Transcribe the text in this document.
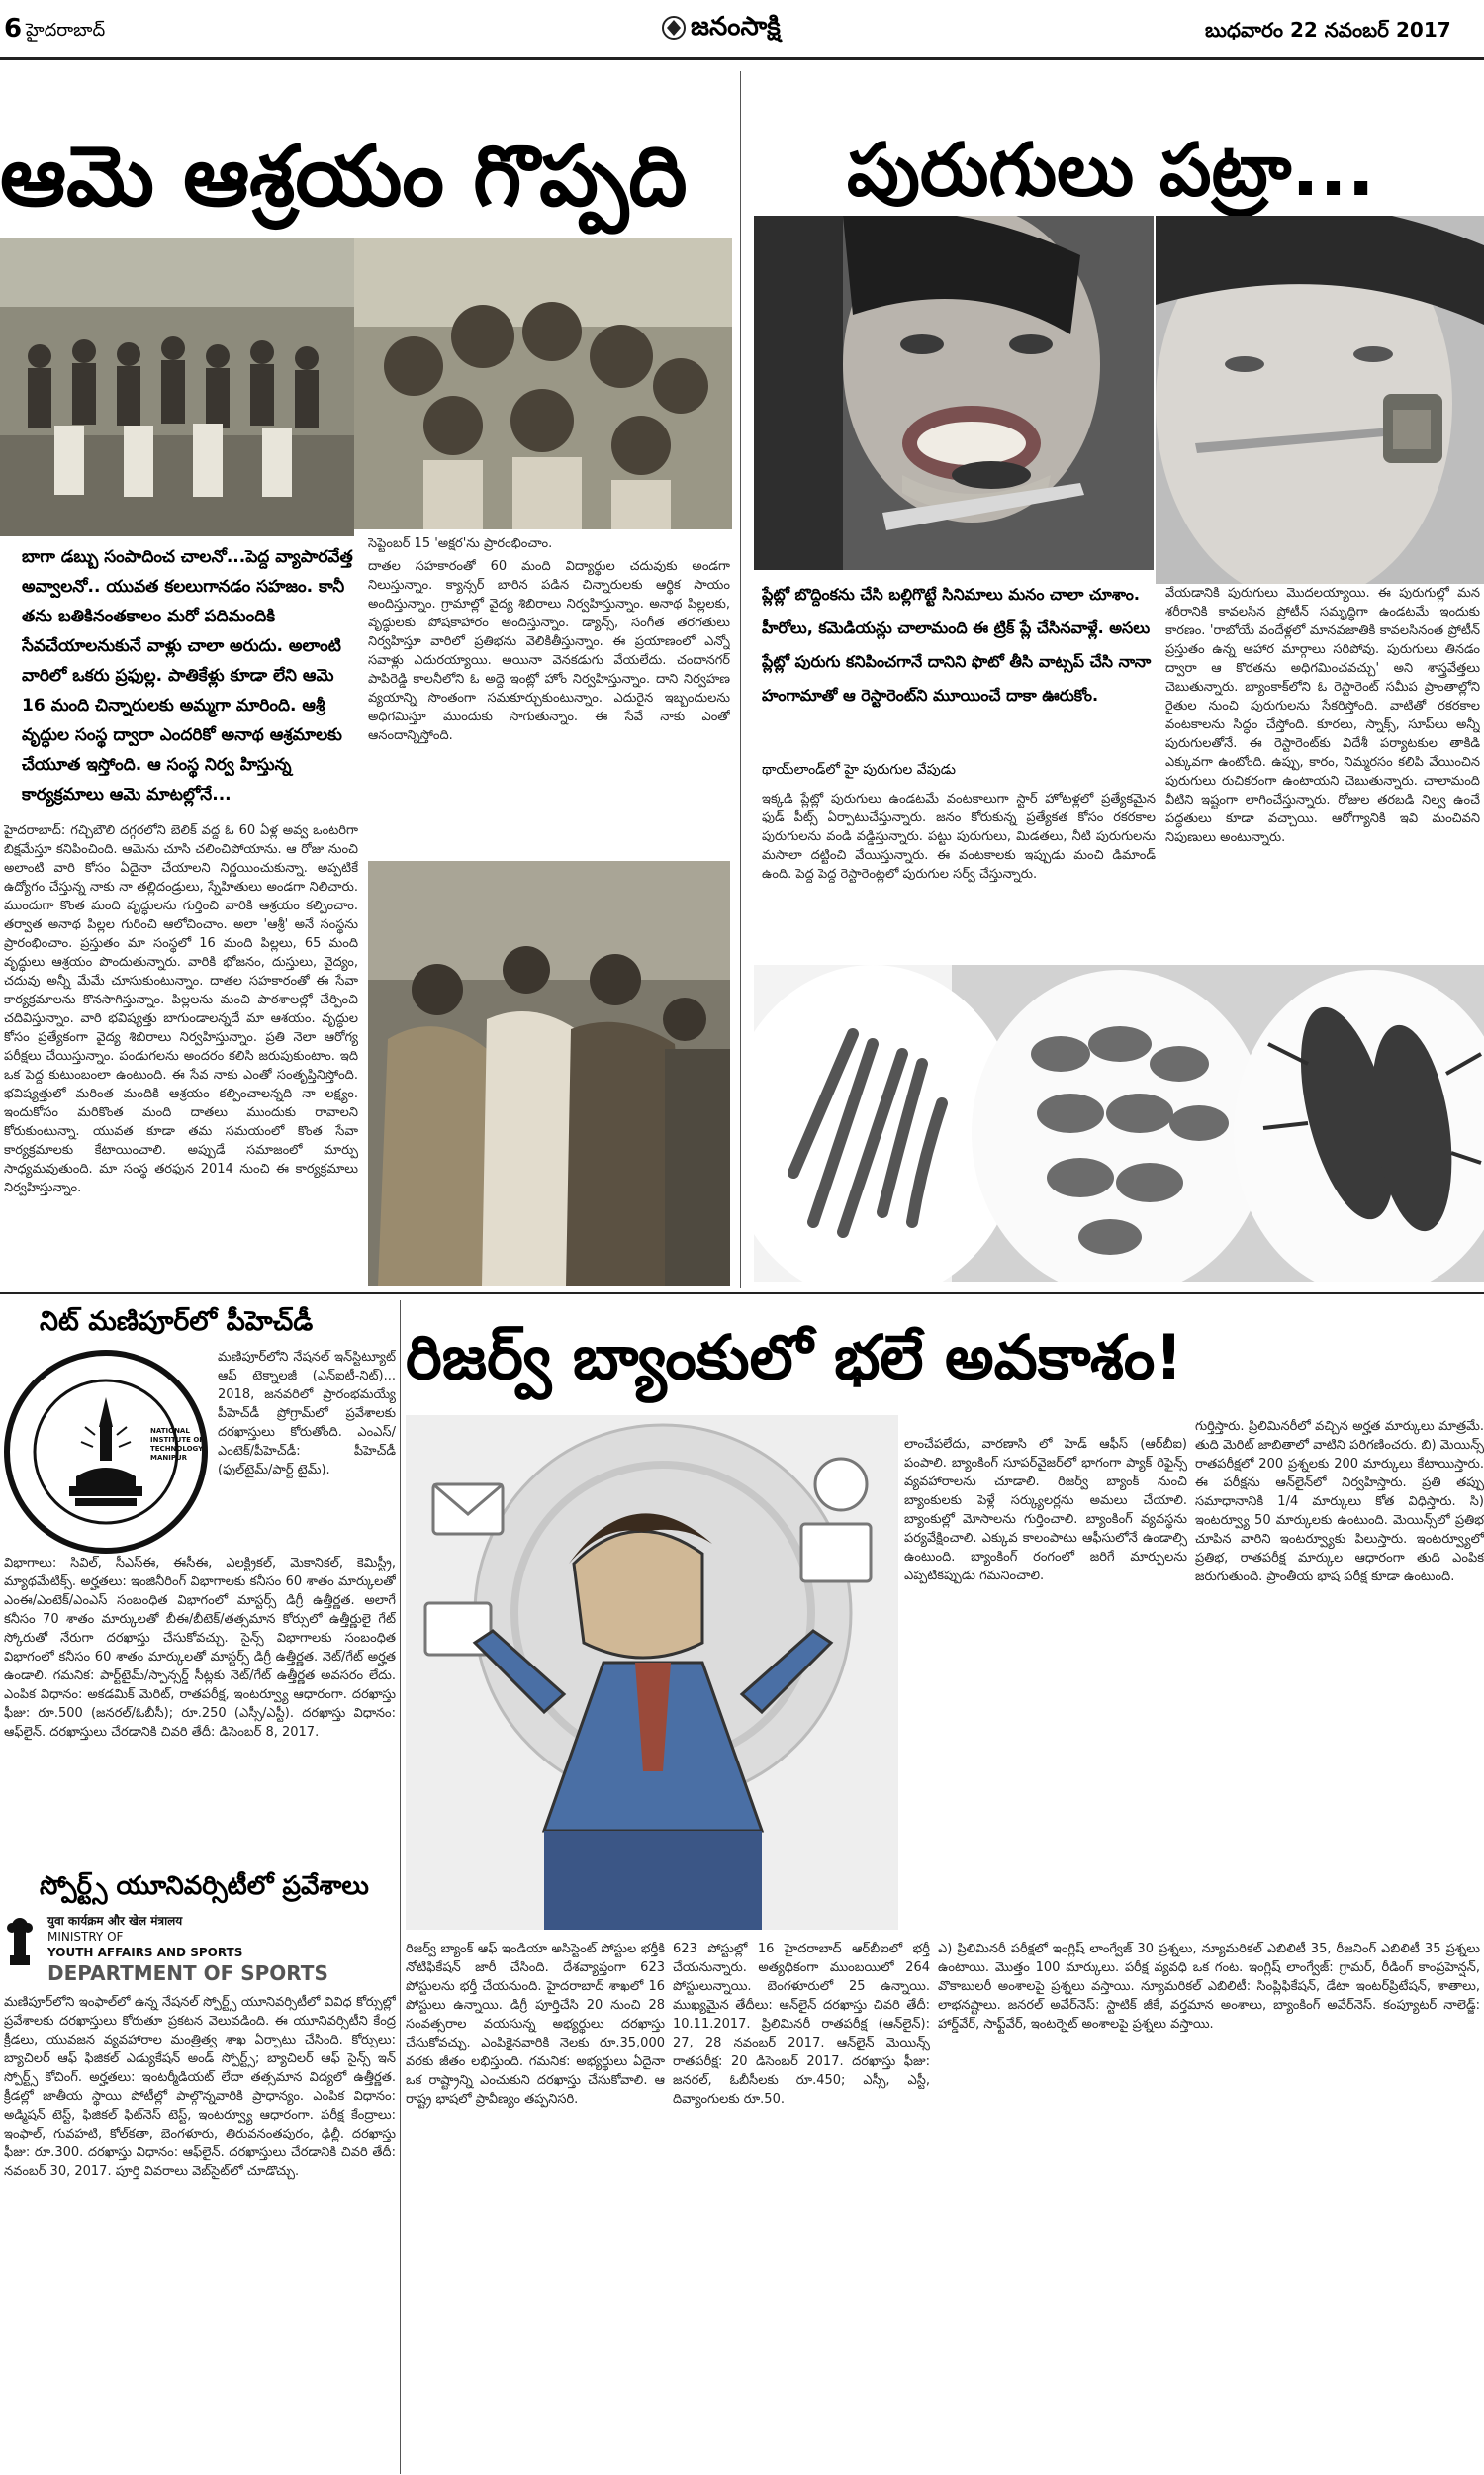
6 హైదరాబాద్	జనంసాక్షి	బుధవారం 22 నవంబర్ 2017
ఆమె ఆశ్రయం గొప్పది
బాగా డబ్బు సంపాదించ చాలనో...పెద్ద వ్యాపారవేత్త అవ్వాలనో.. యువత కలలుగానడం సహజం. కానీ తను బతికినంతకాలం మరో పదిమందికి సేవచేయాలనుకునే వాళ్లు చాలా అరుదు. అలాంటి వారిలో ఒకరు ప్రఫుల్ల. పాతికేళ్లు కూడా లేని ఆమె 16 మంది చిన్నారులకు అమ్మగా మారింది. ఆశ్రీ వృద్ధుల సంస్థ ద్వారా ఎందరికో అనాథ ఆశ్రమాలకు చేయూత ఇస్తోంది. ఆ సంస్థ నిర్వ హిస్తున్న కార్యక్రమాలు ఆమె మాటల్లోనే...

సెప్టెంబర్ 15 'అక్షర'ను ప్రారంభించాం.

దాతల సహకారంతో 60 మంది విద్యార్థుల చదువుకు అండగా నిలుస్తున్నాం. క్యాన్సర్ బారిన పడిన చిన్నారులకు ఆర్థిక సాయం అందిస్తున్నాం. గ్రామాల్లో వైద్య శిబిరాలు నిర్వహిస్తున్నాం. అనాథ పిల్లలకు, వృద్ధులకు పోషకాహారం అందిస్తున్నాం. డ్యాన్స్, సంగీత తరగతులు నిర్వహిస్తూ వారిలో ప్రతిభను వెలికితీస్తున్నాం. ఈ ప్రయాణంలో ఎన్నో సవాళ్లు ఎదురయ్యాయి. అయినా వెనకడుగు వేయలేదు. చందానగర్ పాపిరెడ్డి కాలనీలోని ఓ అద్దె ఇంట్లో హోం నిర్వహిస్తున్నాం. దాని నిర్వహణ వ్యయాన్ని సొంతంగా సమకూర్చుకుంటున్నాం. ఎదురైన ఇబ్బందులను అధిగమిస్తూ ముందుకు సాగుతున్నాం. ఈ సేవే నాకు ఎంతో ఆనందాన్నిస్తోంది.

హైదరాబాద్: గచ్చిబౌలి దగ్గరలోని బెలిక్ వద్ద ఓ 60 ఏళ్ల అవ్వ ఒంటరిగా బిక్షమేస్తూ కనిపించింది. ఆమెను చూసి చలించిపోయాను. ఆ రోజు నుంచి అలాంటి వారి కోసం ఏదైనా చేయాలని నిర్ణయించుకున్నా. అప్పటికే ఉద్యోగం చేస్తున్న నాకు నా తల్లిదండ్రులు, స్నేహితులు అండగా నిలిచారు. ముందుగా కొంత మంది వృద్ధులను గుర్తించి వారికి ఆశ్రయం కల్పించాం. తర్వాత అనాథ పిల్లల గురించి ఆలోచించాం. అలా 'ఆశ్రీ' అనే సంస్థను ప్రారంభించాం. ప్రస్తుతం మా సంస్థలో 16 మంది పిల్లలు, 65 మంది వృద్ధులు ఆశ్రయం పొందుతున్నారు. వారికి భోజనం, దుస్తులు, వైద్యం, చదువు అన్నీ మేమే చూసుకుంటున్నాం. దాతల సహకారంతో ఈ సేవా కార్యక్రమాలను కొనసాగిస్తున్నాం. పిల్లలను మంచి పాఠశాలల్లో చేర్పించి చదివిస్తున్నాం. వారి భవిష్యత్తు బాగుండాలన్నదే మా ఆశయం. వృద్ధుల కోసం ప్రత్యేకంగా వైద్య శిబిరాలు నిర్వహిస్తున్నాం. ప్రతి నెలా ఆరోగ్య పరీక్షలు చేయిస్తున్నాం. పండుగలను అందరం కలిసి జరుపుకుంటాం. ఇది ఒక పెద్ద కుటుంబంలా ఉంటుంది. ఈ సేవ నాకు ఎంతో సంతృప్తినిస్తోంది. భవిష్యత్తులో మరింత మందికి ఆశ్రయం కల్పించాలన్నది నా లక్ష్యం. ఇందుకోసం మరికొంత మంది దాతలు ముందుకు రావాలని కోరుకుంటున్నా. యువత కూడా తమ సమయంలో కొంత సేవా కార్యక్రమాలకు కేటాయించాలి. అప్పుడే సమాజంలో మార్పు సాధ్యమవుతుంది. మా సంస్థ తరఫున 2014 నుంచి ఈ కార్యక్రమాలు నిర్వహిస్తున్నాం.
పురుగులు పట్రా...
ప్లేట్లో బొద్దింకను చేసి బల్లిగొట్టే సినిమాలు మనం చాలా చూశాం. హీరోలు, కమెడియన్లు చాలామంది ఈ ట్రిక్ ప్లే చేసినవాళ్లే. అసలు ప్లేట్లో పురుగు కనిపించగానే దానిని ఫొటో తీసి వాట్సప్ చేసి నానా హంగామాతో ఆ రెస్టారెంట్‌ని మూయించే దాకా ఊరుకోం.
థాయ్‌లాండ్‌లో హై పురుగుల వేపుడు
ఇక్కడి ప్లేట్లో పురుగులు ఉండటమే వంటకాలుగా స్టార్ హోటళ్లలో ప్రత్యేకమైన ఫుడ్ పీట్స్ ఏర్పాటుచేస్తున్నారు. జనం కోరుకున్న ప్రత్యేకత కోసం రకరకాల పురుగులను వండి వడ్డిస్తున్నారు. పట్టు పురుగులు, మిడతలు, నీటి పురుగులను మసాలా దట్టించి వేయిస్తున్నారు. ఈ వంటకాలకు ఇప్పుడు మంచి డిమాండ్ ఉంది. పెద్ద పెద్ద రెస్టారెంట్లలో పురుగుల సర్వ్ చేస్తున్నారు.
వేయడానికి పురుగులు మొదలయ్యాయి. ఈ పురుగుల్లో మన శరీరానికి కావలసిన ప్రోటీన్ సమృద్ధిగా ఉండటమే ఇందుకు కారణం. 'రాబోయే వందేళ్లలో మానవజాతికి కావలసినంత ప్రోటీన్ ప్రస్తుతం ఉన్న ఆహార మార్గాలు సరిపోవు. పురుగులు తినడం ద్వారా ఆ కొరతను అధిగమించవచ్చు' అని శాస్త్రవేత్తలు చెబుతున్నారు. బ్యాంకాక్‌లోని ఓ రెస్టారెంట్ సమీప ప్రాంతాల్లోని రైతుల నుంచి పురుగులను సేకరిస్తోంది. వాటితో రకరకాల వంటకాలను సిద్ధం చేస్తోంది. కూరలు, స్నాక్స్, సూప్‌లు అన్నీ పురుగులతోనే. ఈ రెస్టారెంట్‌కు విదేశీ పర్యాటకుల తాకిడి ఎక్కువగా ఉంటోంది. ఉప్పు, కారం, నిమ్మరసం కలిపి వేయించిన పురుగులు రుచికరంగా ఉంటాయని చెబుతున్నారు. చాలామంది వీటిని ఇష్టంగా లాగించేస్తున్నారు. రోజుల తరబడి నిల్వ ఉంచే పద్ధతులు కూడా వచ్చాయి. ఆరోగ్యానికి ఇవి మంచివని నిపుణులు అంటున్నారు.
నిట్ మణిపూర్‌లో పీహెచ్‌డీ
NATIONAL INSTITUTE OF TECHNOLOGY MANIPUR
మణిపూర్‌లోని నేషనల్ ఇన్‌స్టిట్యూట్ ఆఫ్ టెక్నాలజీ (ఎన్ఐటీ-నిట్)... 2018, జనవరిలో ప్రారంభమయ్యే పీహెచ్‌డీ ప్రోగ్రామ్‌లో ప్రవేశాలకు దరఖాస్తులు కోరుతోంది. ఎంఎస్‌/ఎంటెక్‌/పీహెచ్‌డీ: పీహెచ్‌డీ (ఫుల్‌టైమ్‌/పార్ట్ టైమ్).
విభాగాలు: సివిల్, సీఎస్ఈ, ఈసీఈ, ఎలక్ట్రికల్, మెకానికల్, కెమిస్ట్రీ, మ్యాథమేటిక్స్. అర్హతలు: ఇంజినీరింగ్ విభాగాలకు కనీసం 60 శాతం మార్కులతో ఎంఈ/ఎంటెక్/ఎంఎస్ సంబంధిత విభాగంలో మాస్టర్స్ డిగ్రీ ఉత్తీర్ణత. అలాగే కనీసం 70 శాతం మార్కులతో బీఈ/బీటెక్/తత్సమాన కోర్సులో ఉత్తీర్ణులై గేట్ స్కోరుతో నేరుగా దరఖాస్తు చేసుకోవచ్చు. సైన్స్ విభాగాలకు సంబంధిత విభాగంలో కనీసం 60 శాతం మార్కులతో మాస్టర్స్ డిగ్రీ ఉత్తీర్ణత. నెట్/గేట్ అర్హత ఉండాలి. గమనిక: పార్ట్‌టైమ్/స్పాన్సర్డ్ సీట్లకు నెట్/గేట్ ఉత్తీర్ణత అవసరం లేదు. ఎంపిక విధానం: అకడమిక్ మెరిట్, రాతపరీక్ష, ఇంటర్వ్యూ ఆధారంగా. దరఖాస్తు ఫీజు: రూ.500 (జనరల్/ఓబీసీ); రూ.250 (ఎస్సీ/ఎస్టీ). దరఖాస్తు విధానం: ఆఫ్‌లైన్. దరఖాస్తులు చేరడానికి చివరి తేదీ: డిసెంబర్ 8, 2017.
స్పోర్ట్స్ యూనివర్సిటీలో ప్రవేశాలు
युवा कार्यक्रम और खेल मंत्रालय
MINISTRY OF
YOUTH AFFAIRS AND SPORTS
DEPARTMENT OF SPORTS
మణిపూర్‌లోని ఇంఫాల్‌లో ఉన్న నేషనల్ స్పోర్ట్స్ యూనివర్సిటీలో వివిధ కోర్సుల్లో ప్రవేశాలకు దరఖాస్తులు కోరుతూ ప్రకటన వెలువడింది. ఈ యూనివర్సిటీని కేంద్ర క్రీడలు, యువజన వ్యవహారాల మంత్రిత్వ శాఖ ఏర్పాటు చేసింది. కోర్సులు: బ్యాచిలర్ ఆఫ్ ఫిజికల్ ఎడ్యుకేషన్ అండ్ స్పోర్ట్స్; బ్యాచిలర్ ఆఫ్ సైన్స్ ఇన్ స్పోర్ట్స్ కోచింగ్. అర్హతలు: ఇంటర్మీడియట్ లేదా తత్సమాన విద్యలో ఉత్తీర్ణత. క్రీడల్లో జాతీయ స్థాయి పోటీల్లో పాల్గొన్నవారికి ప్రాధాన్యం. ఎంపిక విధానం: అడ్మిషన్ టెస్ట్, ఫిజికల్ ఫిట్‌నెస్ టెస్ట్, ఇంటర్వ్యూ ఆధారంగా. పరీక్ష కేంద్రాలు: ఇంఫాల్, గువహటి, కోల్‌కతా, బెంగళూరు, తిరువనంతపురం, ఢిల్లీ. దరఖాస్తు ఫీజు: రూ.300. దరఖాస్తు విధానం: ఆఫ్‌లైన్. దరఖాస్తులు చేరడానికి చివరి తేదీ: నవంబర్ 30, 2017. పూర్తి వివరాలు వెబ్‌సైట్‌లో చూడొచ్చు.
రిజర్వ్ బ్యాంకులో భలే అవకాశం!
లాంచేపలేదు, వారణాసి లో హెడ్ ఆఫీస్ (ఆర్‌బీఐ) పంపాలి. బ్యాంకింగ్ సూపర్‌వైజర్‌లో భాగంగా ప్యాక్ రిఫైన్స్ వ్యవహారాలను చూడాలి. రిజర్వ్ బ్యాంక్ నుంచి బ్యాంకులకు పెళ్లే సర్క్యులర్లను అమలు చేయాలి. బ్యాంకుల్లో మోసాలను గుర్తించాలి. బ్యాంకింగ్ వ్యవస్థను పర్యవేక్షించాలి. ఎక్కువ కాలంపాటు ఆఫీసులోనే ఉండాల్సి ఉంటుంది. బ్యాంకింగ్ రంగంలో జరిగే మార్పులను ఎప్పటికప్పుడు గమనించాలి.
గుర్తిస్తారు. ప్రిలిమినరీలో వచ్చిన అర్హత మార్కులు మాత్రమే. తుది మెరిట్ జాబితాలో వాటిని పరిగణించరు. బి) మెయిన్స్ రాతపరీక్షలో 200 ప్రశ్నలకు 200 మార్కులు కేటాయిస్తారు. ఈ పరీక్షను ఆన్‌లైన్‌లో నిర్వహిస్తారు. ప్రతి తప్పు సమాధానానికి 1/4 మార్కులు కోత విధిస్తారు. సి) ఇంటర్వ్యూ 50 మార్కులకు ఉంటుంది. మెయిన్స్‌లో ప్రతిభ చూపిన వారిని ఇంటర్వ్యూకు పిలుస్తారు. ఇంటర్వ్యూలో ప్రతిభ, రాతపరీక్ష మార్కుల ఆధారంగా తుది ఎంపిక జరుగుతుంది. ప్రాంతీయ భాష పరీక్ష కూడా ఉంటుంది.
రిజర్వ్ బ్యాంక్ ఆఫ్ ఇండియా అసిస్టెంట్ పోస్టుల భర్తీకి నోటిఫికేషన్ జారీ చేసింది. దేశవ్యాప్తంగా 623 పోస్టులను భర్తీ చేయనుంది. హైదరాబాద్ శాఖలో 16 పోస్టులు ఉన్నాయి. డిగ్రీ పూర్తిచేసి 20 నుంచి 28 సంవత్సరాల వయసున్న అభ్యర్థులు దరఖాస్తు చేసుకోవచ్చు. ఎంపికైనవారికి నెలకు రూ.35,000 వరకు జీతం లభిస్తుంది. గమనిక: అభ్యర్థులు ఏదైనా ఒక రాష్ట్రాన్ని ఎంచుకుని దరఖాస్తు చేసుకోవాలి. ఆ రాష్ట్ర భాషలో ప్రావీణ్యం తప్పనిసరి.
623 పోస్టుల్లో 16 హైదరాబాద్ ఆర్‌బీఐలో భర్తీ చేయనున్నారు. అత్యధికంగా ముంబయిలో 264 పోస్టులున్నాయి. బెంగళూరులో 25 ఉన్నాయి. ముఖ్యమైన తేదీలు: ఆన్‌లైన్ దరఖాస్తు చివరి తేదీ: 10.11.2017. ప్రిలిమినరీ రాతపరీక్ష (ఆన్‌లైన్): 27, 28 నవంబర్ 2017. ఆన్‌లైన్ మెయిన్స్ రాతపరీక్ష: 20 డిసెంబర్ 2017. దరఖాస్తు ఫీజు: జనరల్, ఓబీసీలకు రూ.450; ఎస్సీ, ఎస్టీ, దివ్యాంగులకు రూ.50.
ఎ) ప్రిలిమినరీ పరీక్షలో ఇంగ్లిష్ లాంగ్వేజ్ 30 ప్రశ్నలు, న్యూమరికల్ ఎబిలిటీ 35, రీజనింగ్ ఎబిలిటీ 35 ప్రశ్నలు ఉంటాయి. మొత్తం 100 మార్కులు. పరీక్ష వ్యవధి ఒక గంట. ఇంగ్లిష్ లాంగ్వేజ్: గ్రామర్, రీడింగ్ కాంప్రహెన్షన్, వొకాబులరీ అంశాలపై ప్రశ్నలు వస్తాయి. న్యూమరికల్ ఎబిలిటీ: సింప్లిఫికేషన్, డేటా ఇంటర్‌ప్రిటేషన్, శాతాలు, లాభనష్టాలు. జనరల్ అవేర్‌నెస్: స్టాటిక్ జీకే, వర్తమాన అంశాలు, బ్యాంకింగ్ అవేర్‌నెస్. కంప్యూటర్ నాలెడ్జ్: హార్డ్‌వేర్, సాఫ్ట్‌వేర్, ఇంటర్నెట్ అంశాలపై ప్రశ్నలు వస్తాయి.
